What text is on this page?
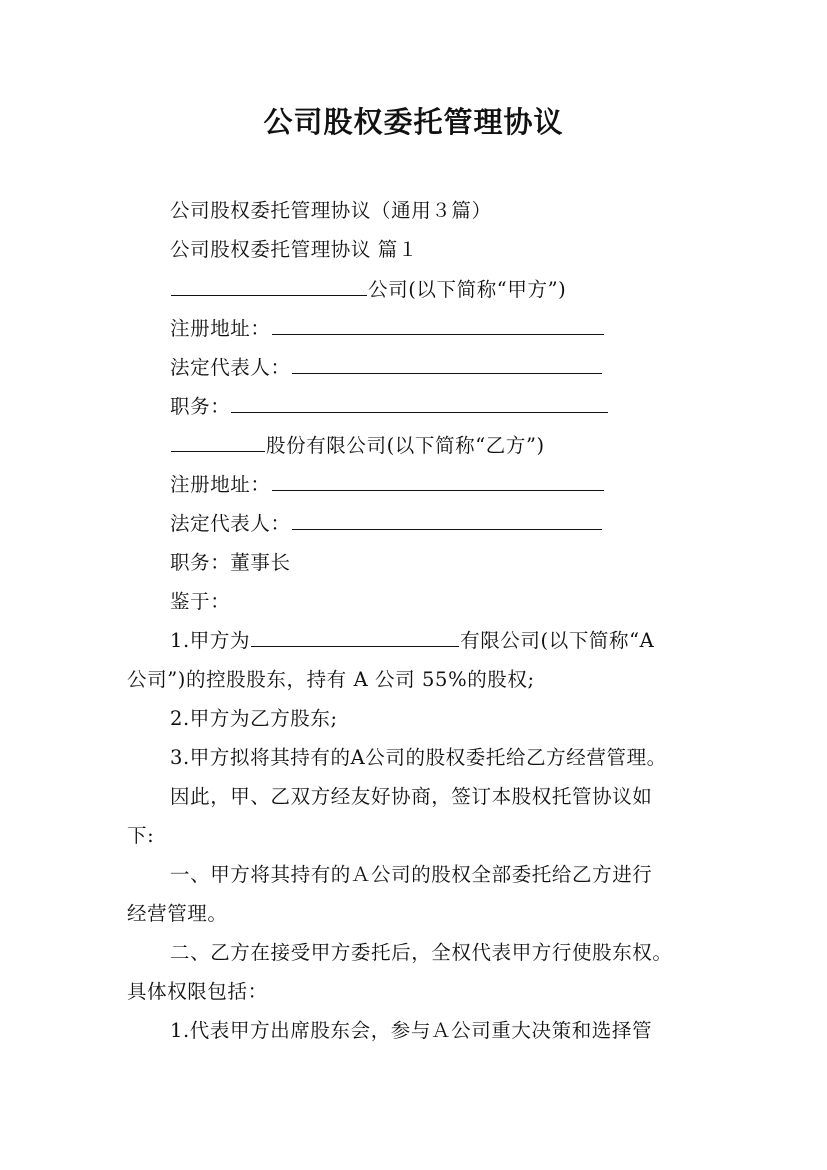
公司股权委托管理协议
公司股权委托管理协议（通用３篇）
公司股权委托管理协议 篇１
公司(以下简称“甲方”)
注册地址：
法定代表人：
职务：
股份有限公司(以下简称“乙方”)
注册地址：
法定代表人：
职务：董事长
鉴于：
1.甲方为	有限公司(以下简称“A
公司”)的控股股东，持有 A 公司 55%的股权;
2.甲方为乙方股东;
3.甲方拟将其持有的A公司的股权委托给乙方经营管理。
因此，甲、乙双方经友好协商，签订本股权托管协议如
下:
一、甲方将其持有的Ａ公司的股权全部委托给乙方进行
经营管理。
二、乙方在接受甲方委托后，全权代表甲方行使股东权。
具体权限包括：
1.代表甲方出席股东会，参与Ａ公司重大决策和选择管
